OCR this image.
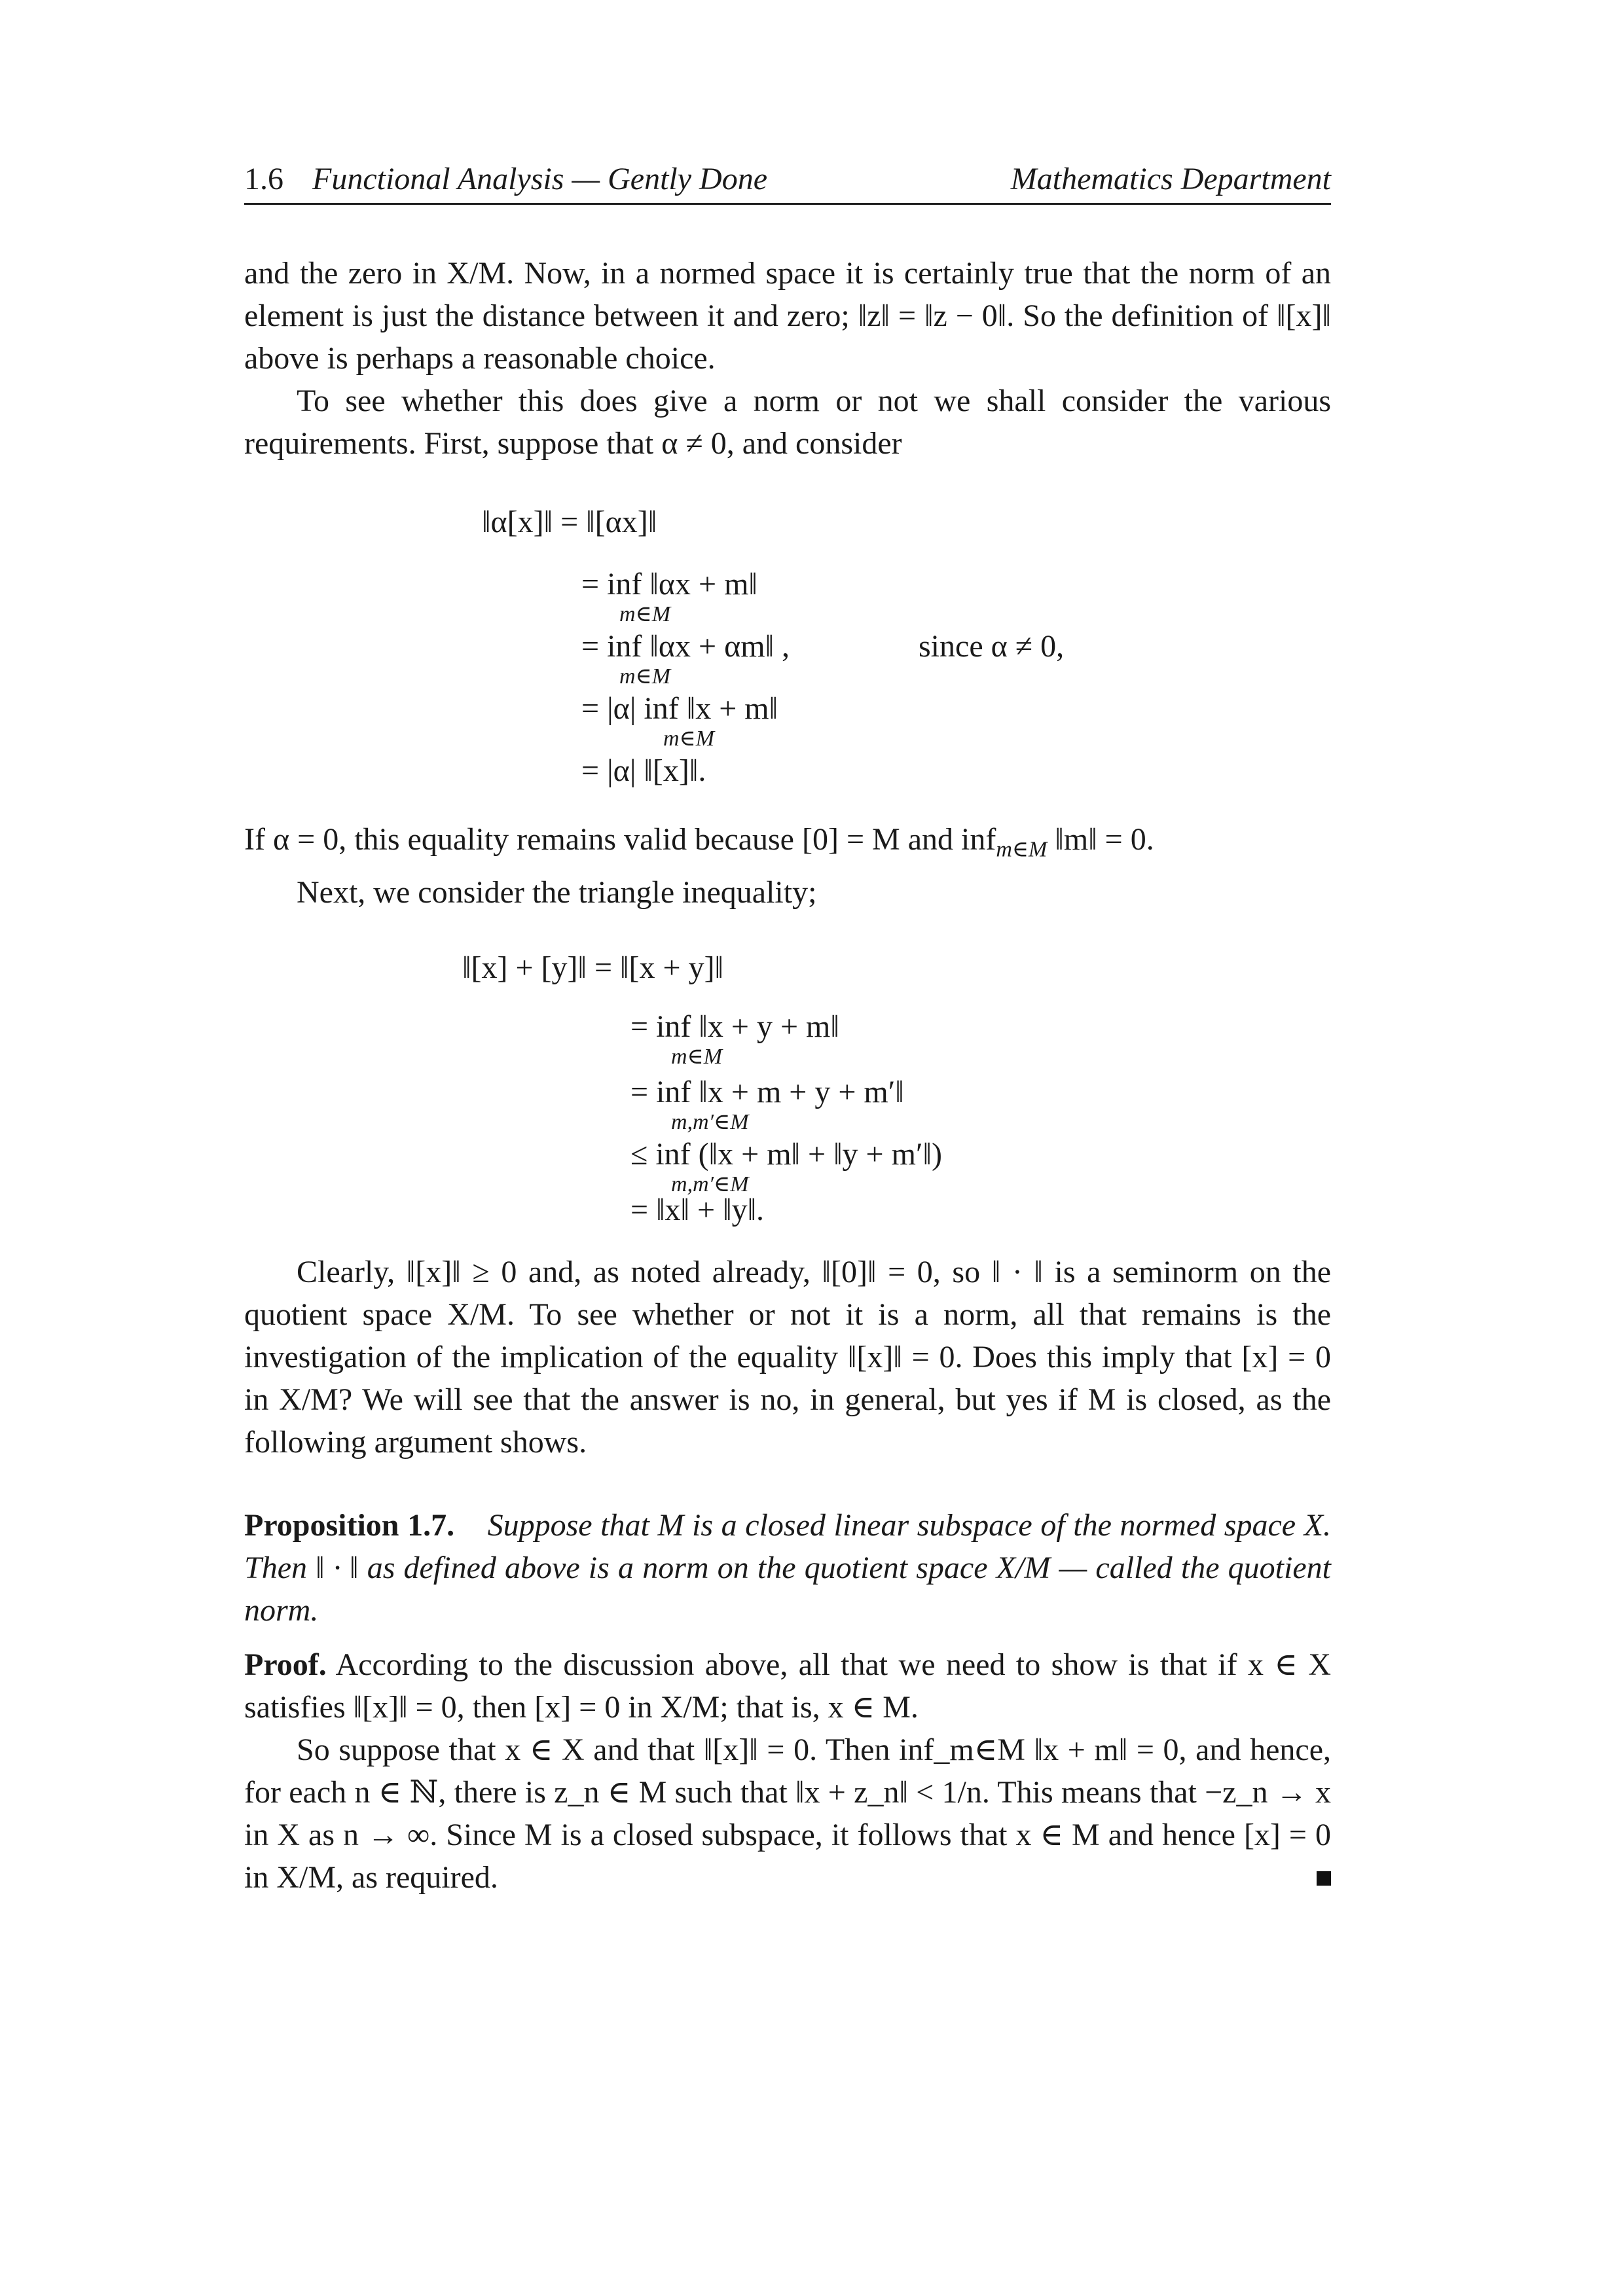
1.6 Functional Analysis — Gently Done	Mathematics Department

and the zero in X/M. Now, in a normed space it is certainly true that the norm of an element is just the distance between it and zero; ‖z‖ = ‖z − 0‖. So the definition of ‖[x]‖ above is perhaps a reasonable choice.

To see whether this does give a norm or not we shall consider the various requirements. First, suppose that α ≠ 0, and consider

‖α[x]‖ = ‖[αx]‖
= inf ‖αx + m‖
m∈M
= inf ‖αx + αm‖ ,	since α ≠ 0,
m∈M
= |α| inf ‖x + m‖
m∈M
= |α| ‖[x]‖.

If α = 0, this equality remains valid because [0] = M and inf$_{m\in M}$ ‖m‖ = 0.

Next, we consider the triangle inequality;

‖[x] + [y]‖ = ‖[x + y]‖
= inf ‖x + y + m‖
m∈M
= inf ‖x + m + y + m′‖
m,m′∈M
≤ inf (‖x + m‖ + ‖y + m′‖)
m,m′∈M
= ‖x‖ + ‖y‖.

Clearly, ‖[x]‖ ≥ 0 and, as noted already, ‖[0]‖ = 0, so ‖ · ‖ is a seminorm on the quotient space X/M. To see whether or not it is a norm, all that remains is the investigation of the implication of the equality ‖[x]‖ = 0. Does this imply that [x] = 0 in X/M? We will see that the answer is no, in general, but yes if M is closed, as the following argument shows.

Proposition 1.7. Suppose that M is a closed linear subspace of the normed space X. Then ‖ · ‖ as defined above is a norm on the quotient space X/M — called the quotient norm.

Proof. According to the discussion above, all that we need to show is that if x ∈ X satisfies ‖[x]‖ = 0, then [x] = 0 in X/M; that is, x ∈ M.

So suppose that x ∈ X and that ‖[x]‖ = 0. Then inf_m∈M ‖x + m‖ = 0, and hence, for each n ∈ ℕ, there is z_n ∈ M such that ‖x + z_n‖ < 1/n. This means that −z_n → x in X as n → ∞. Since M is a closed subspace, it follows that x ∈ M and hence [x] = 0 in X/M, as required.
